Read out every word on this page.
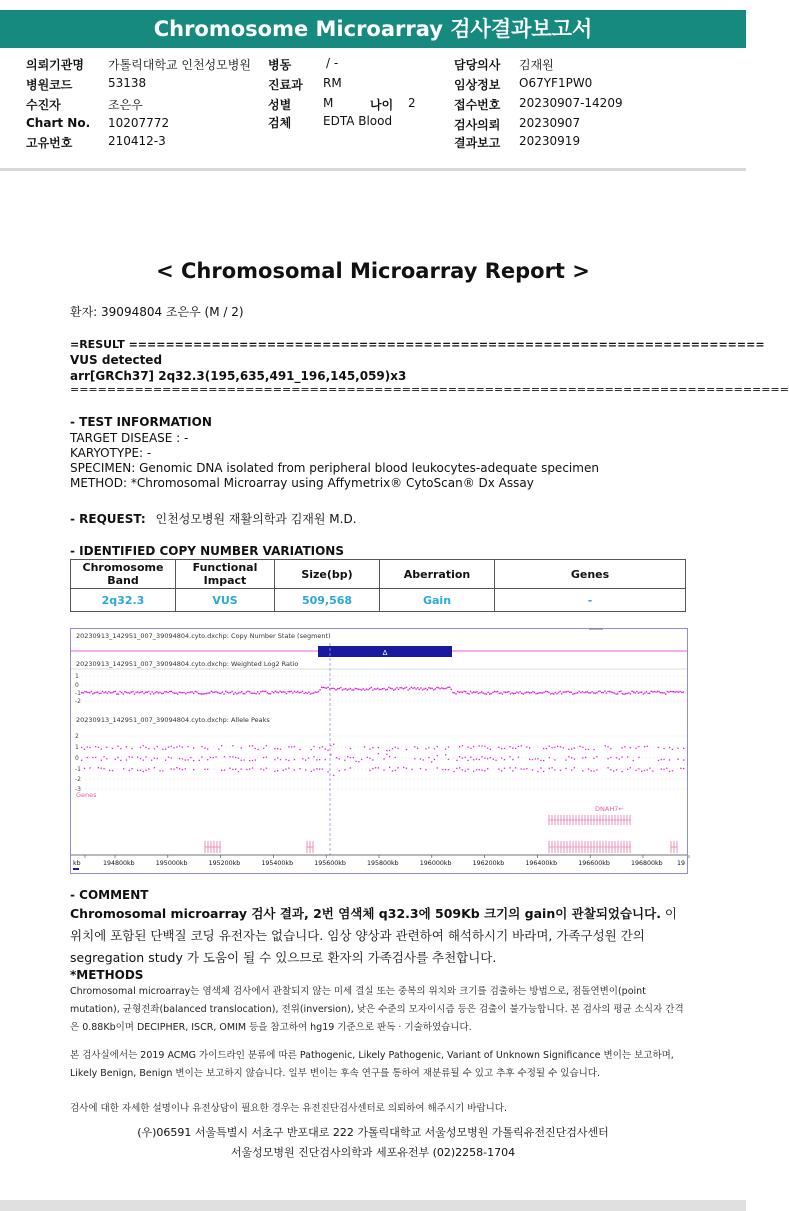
Chromosome Microarray 검사결과보고서
의뢰기관명 가톨릭대학교 인천성모병원 병동	/ -	담당의사 김재원
병원코드	53138	진료과 RM	임상정보 O67YF1PW0
수진자	조은우	성별	M	나이 2	접수번호 20230907-14209
Chart No. 10207772	검체	EDTA Blood	검사의뢰 20230907
고유번호	210412-3	결과보고 20230919
< Chromosomal Microarray Report >
환자: 39094804 조은우 (M / 2)
=RESULT =====================================================================
VUS detected
arr[GRCh37] 2q32.3(195,635,491_196,145,059)x3
==============================================================================
- TEST INFORMATION
TARGET DISEASE : -
KARYOTYPE: -
SPECIMEN: Genomic DNA isolated from peripheral blood leukocytes-adequate specimen
METHOD: *Chromosomal Microarray using Affymetrix® CytoScan® Dx Assay
- REQUEST: 인천성모병원 재활의학과 김재원 M.D.
- IDENTIFIED COPY NUMBER VARIATIONS
Chromosome Band	Functional Impact	Size(bp)	Aberration	Genes
2q32.3	VUS	509,568	Gain	-
20230913_142951_007_39094804.cyto.dxchp: Copy Number State (segment)
Δ
20230913_142951_007_39094804.cyto.dxchp: Weighted Log2 Ratio
1
0
-1
-2
20230913_142951_007_39094804.cyto.dxchp: Allele Peaks
2
1
0
-1
-2
-3
Genes
DNAH7←
kb	194800kb	195000kb	195200kb	195400kb	195600kb	195800kb	196000kb	196200kb	196400kb	196600kb	196800kb 19
- COMMENT
Chromosomal microarray 검사 결과, 2번 염색체 q32.3에 509Kb 크기의 gain이 관찰되었습니다. 이 위치에 포함된 단백질 코딩 유전자는 없습니다. 임상 양상과 관련하여 해석하시기 바라며, 가족구성원 간의 segregation study 가 도움이 될 수 있으므로 환자의 가족검사를 추천합니다.
*METHODS
Chromosomal microarray는 염색체 검사에서 관찰되지 않는 미세 결실 또는 중복의 위치와 크기를 검출하는 방법으로, 점돌연변이(point mutation), 균형전좌(balanced translocation), 전위(inversion), 낮은 수준의 모자이시즘 등은 검출이 불가능합니다. 본 검사의 평균 소식자 간격은 0.88Kb이며 DECIPHER, ISCR, OMIM 등을 참고하여 hg19 기준으로 판독 · 기술하였습니다.
본 검사실에서는 2019 ACMG 가이드라인 분류에 따른 Pathogenic, Likely Pathogenic, Variant of Unknown Significance 변이는 보고하며, Likely Benign, Benign 변이는 보고하지 않습니다. 일부 변이는 후속 연구를 통하여 재분류될 수 있고 추후 수정될 수 있습니다.
검사에 대한 자세한 설명이나 유전상담이 필요한 경우는 유전진단검사센터로 의뢰하여 해주시기 바랍니다.
(우)06591 서울특별시 서초구 반포대로 222 가톨릭대학교 서울성모병원 가톨릭유전진단검사센터
서울성모병원 진단검사의학과 세포유전부 (02)2258-1704
